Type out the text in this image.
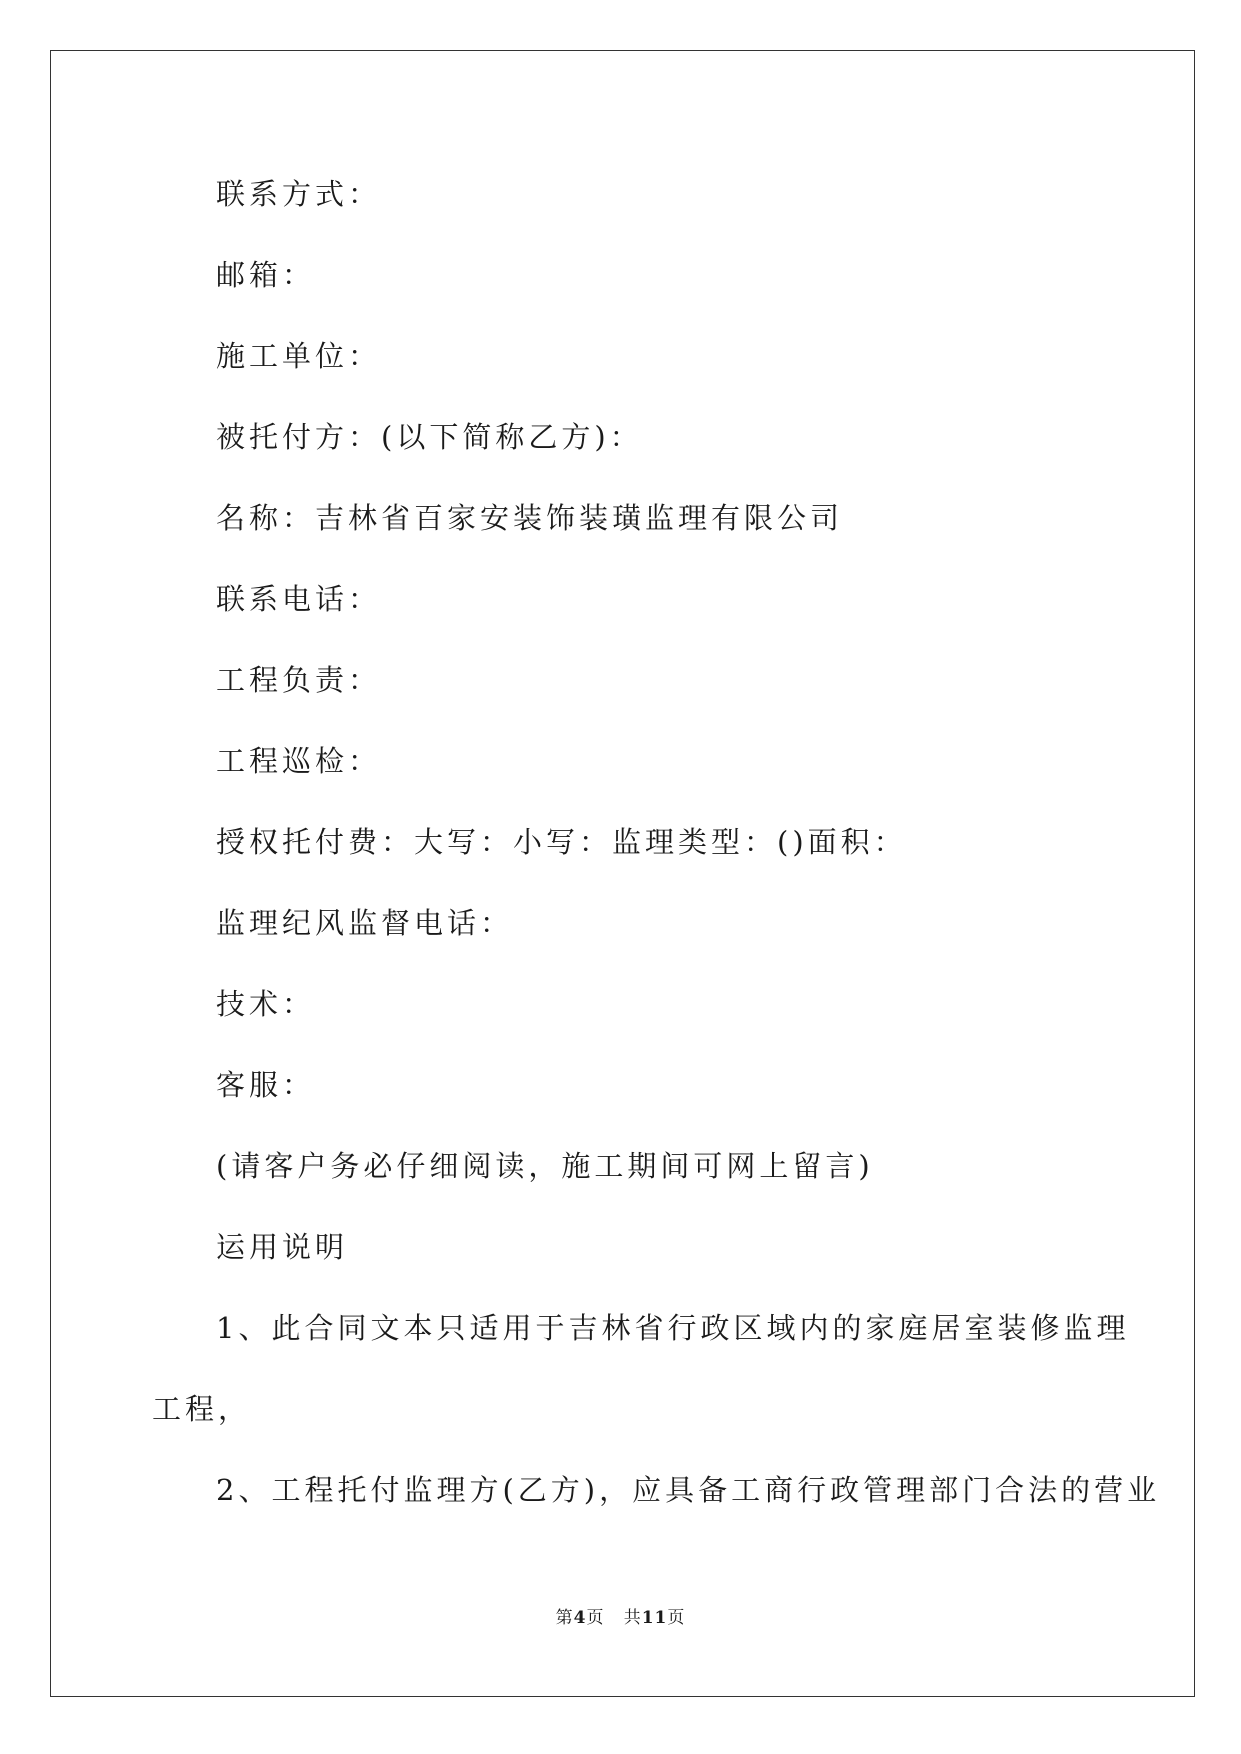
联系方式：
邮箱：
施工单位：
被托付方：(以下简称乙方)：
名称：吉林省百家安装饰装璜监理有限公司
联系电话：
工程负责：
工程巡检：
授权托付费：大写：小写：监理类型：()面积：
监理纪风监督电话：
技术：
客服：
(请客户务必仔细阅读，施工期间可网上留言)
运用说明
1、此合同文本只适用于吉林省行政区域内的家庭居室装修监理
工程，
2、工程托付监理方(乙方)，应具备工商行政管理部门合法的营业
第4页 共11页
